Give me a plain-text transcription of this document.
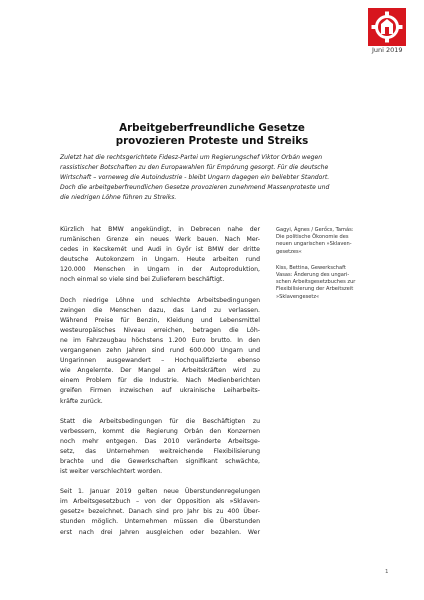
Juni 2019
Arbeitgeberfreundliche Gesetze
provozieren Proteste und Streiks
Zuletzt hat die rechtsgerichtete Fidesz-Partei um Regierungschef Viktor Orbán wegen
rassistischer Botschaften zu den Europawahlen für Empörung gesorgt. Für die deutsche
Wirtschaft – vorneweg die Autoindustrie - bleibt Ungarn dagegen ein beliebter Standort.
Doch die arbeitgeberfreundlichen Gesetze provozieren zunehmend Massenproteste und
die niedrigen Löhne führen zu Streiks.
Kürzlich hat BMW angekündigt, in Debrecen nahe der
rumänischen Grenze ein neues Werk bauen. Nach Mer-
cedes in Kecskemét und Audi in Győr ist BMW der dritte
deutsche Autokonzern in Ungarn. Heute arbeiten rund
120.000 Menschen in Ungarn in der Autoproduktion,
noch einmal so viele sind bei Zulieferern beschäftigt.
Doch niedrige Löhne und schlechte Arbeitsbedingungen
zwingen die Menschen dazu, das Land zu verlassen.
Während Preise für Benzin, Kleidung und Lebensmittel
westeuropäisches Niveau erreichen, betragen die Löh-
ne im Fahrzeugbau höchstens 1.200 Euro brutto. In den
vergangenen zehn Jahren sind rund 600.000 Ungarn und
Ungarinnen ausgewandert – Hochqualifizierte ebenso
wie Angelernte. Der Mangel an Arbeitskräften wird zu
einem Problem für die Industrie. Nach Medienberichten
greifen Firmen inzwischen auf ukrainische Leiharbeits-
kräfte zurück.
Statt die Arbeitsbedingungen für die Beschäftigten zu
verbessern, kommt die Regierung Orbán den Konzernen
noch mehr entgegen. Das 2010 veränderte Arbeitsge-
setz, das Unternehmen weitreichende Flexibilisierung
brachte und die Gewerkschaften signifikant schwächte,
ist weiter verschlechtert worden.
Seit 1. Januar 2019 gelten neue Überstundenregelungen
im Arbeitsgesetzbuch – von der Opposition als »Sklaven-
gesetz« bezeichnet. Danach sind pro Jahr bis zu 400 Über-
stunden möglich. Unternehmen müssen die Überstunden
erst nach drei Jahren ausgleichen oder bezahlen. Wer
Gagyi, Ágnes / Gerőcs, Tamás:
Die politische Ökonomie des
neuen ungarischen »Sklaven-
gesetzes«
Kiss, Bettina, Gewerkschaft
Vasas: Änderung des ungari-
schen Arbeitsgesetzbuches zur
Flexibilisierung der Arbeitszeit
»Sklavengesetz«
1
